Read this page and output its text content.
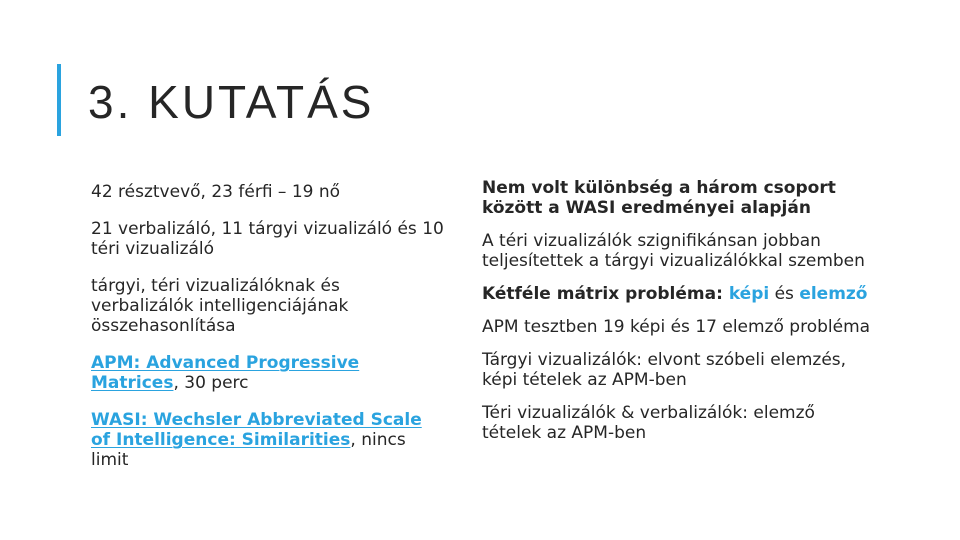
3. KUTATÁS

42 résztvevő, 23 férfi – 19 nő

21 verbalizáló, 11 tárgyi vizualizáló és 10 téri vizualizáló

tárgyi, téri vizualizálóknak és verbalizálók intelligenciájának összehasonlítása

APM: Advanced Progressive Matrices, 30 perc

WASI: Wechsler Abbreviated Scale of Intelligence: Similarities, nincs limit

Nem volt különbség a három csoport között a WASI eredményei alapján

A téri vizualizálók szignifikánsan jobban teljesítettek a tárgyi vizualizálókkal szemben

Kétféle mátrix probléma: képi és elemző

APM tesztben 19 képi és 17 elemző probléma

Tárgyi vizualizálók: elvont szóbeli elemzés, képi tételek az APM-ben

Téri vizualizálók & verbalizálók: elemző tételek az APM-ben
